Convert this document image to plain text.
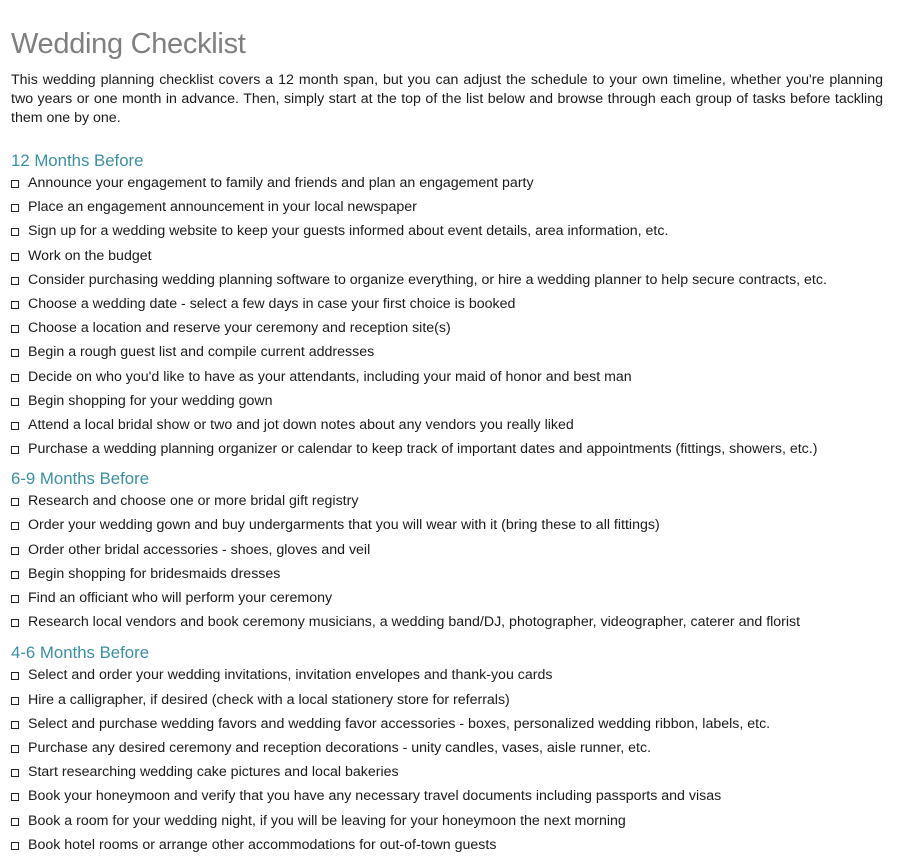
Wedding Checklist

This wedding planning checklist covers a 12 month span, but you can adjust the schedule to your own timeline, whether you're planning two years or one month in advance. Then, simply start at the top of the list below and browse through each group of tasks before tackling them one by one.

12 Months Before
Announce your engagement to family and friends and plan an engagement party
Place an engagement announcement in your local newspaper
Sign up for a wedding website to keep your guests informed about event details, area information, etc.
Work on the budget
Consider purchasing wedding planning software to organize everything, or hire a wedding planner to help secure contracts, etc.
Choose a wedding date - select a few days in case your first choice is booked
Choose a location and reserve your ceremony and reception site(s)
Begin a rough guest list and compile current addresses
Decide on who you'd like to have as your attendants, including your maid of honor and best man
Begin shopping for your wedding gown
Attend a local bridal show or two and jot down notes about any vendors you really liked
Purchase a wedding planning organizer or calendar to keep track of important dates and appointments (fittings, showers, etc.)
6-9 Months Before
Research and choose one or more bridal gift registry
Order your wedding gown and buy undergarments that you will wear with it (bring these to all fittings)
Order other bridal accessories - shoes, gloves and veil
Begin shopping for bridesmaids dresses
Find an officiant who will perform your ceremony
Research local vendors and book ceremony musicians, a wedding band/DJ, photographer, videographer, caterer and florist
4-6 Months Before
Select and order your wedding invitations, invitation envelopes and thank-you cards
Hire a calligrapher, if desired (check with a local stationery store for referrals)
Select and purchase wedding favors and wedding favor accessories - boxes, personalized wedding ribbon, labels, etc.
Purchase any desired ceremony and reception decorations - unity candles, vases, aisle runner, etc.
Start researching wedding cake pictures and local bakeries
Book your honeymoon and verify that you have any necessary travel documents including passports and visas
Book a room for your wedding night, if you will be leaving for your honeymoon the next morning
Book hotel rooms or arrange other accommodations for out-of-town guests
